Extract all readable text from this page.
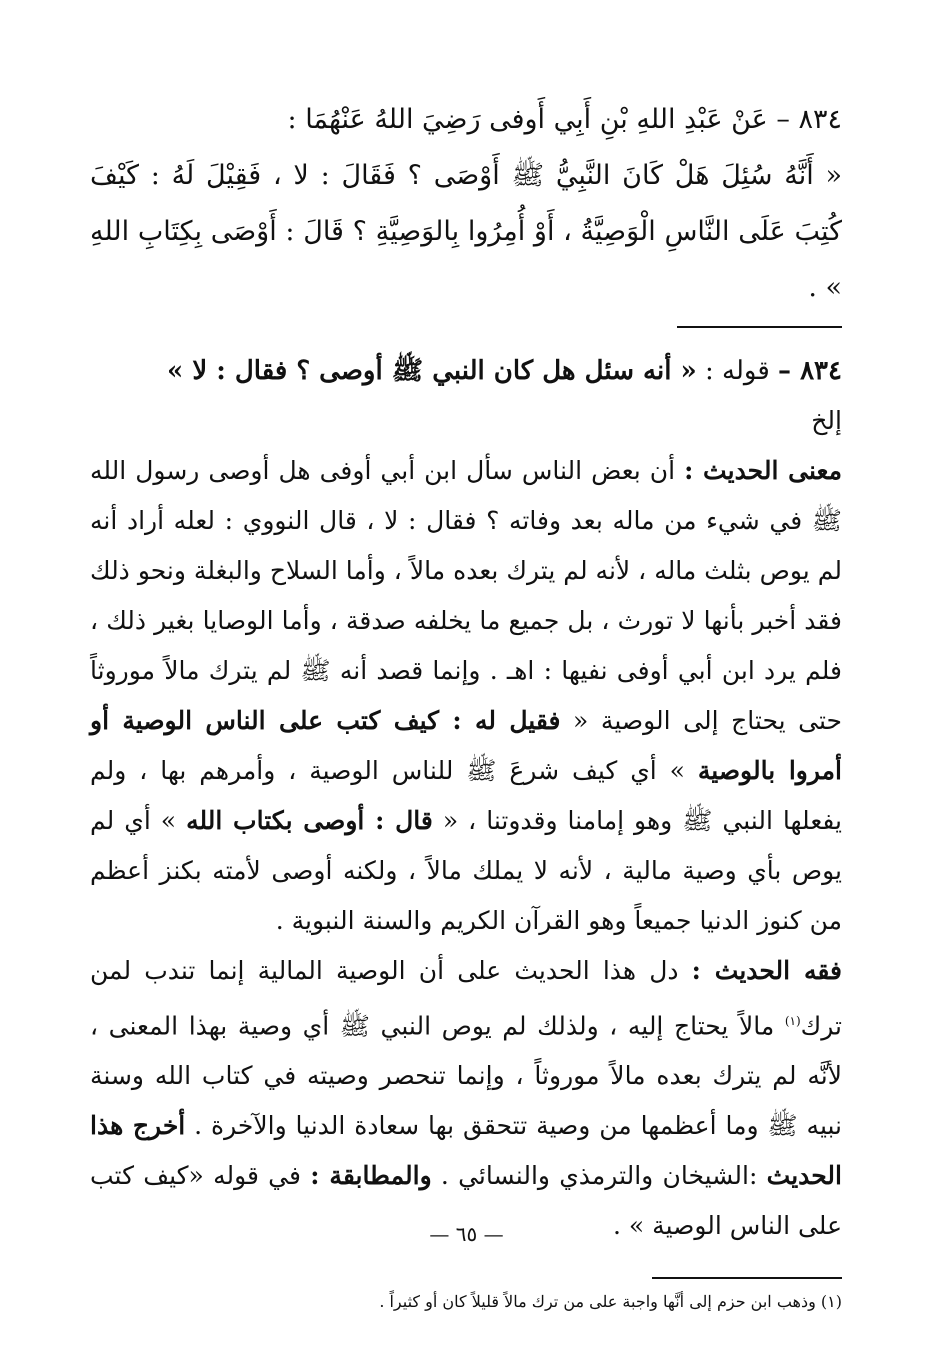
٨٣٤ – عَنْ عَبْدِ اللهِ بْنِ أَبِي أَوفى رَضِيَ اللهُ عَنْهُمَا :

« أَنَّهُ سُئِلَ هَلْ كَانَ النَّبِيُّ ﷺ أَوْصَى ؟ فَقَالَ : لا ، فَقِيْلَ لَهُ : كَيْفَ كُتِبَ عَلَى النَّاسِ الْوَصِيَّةُ ، أَوْ أُمِرُوا بِالوَصِيَّةِ ؟ قَالَ : أَوْصَى بِكِتَابِ اللهِ » .

٨٣٤ – قوله : « أنه سئل هل كان النبي ﷺ أوصى ؟ فقال : لا »

إلخ

معنى الحديث : أن بعض الناس سأل ابن أبي أوفى هل أوصى رسول الله ﷺ في شيء من ماله بعد وفاته ؟ فقال : لا ، قال النووي : لعله أراد أنه لم يوص بثلث ماله ، لأنه لم يترك بعده مالاً ، وأما السلاح والبغلة ونحو ذلك فقد أخبر بأنها لا تورث ، بل جميع ما يخلفه صدقة ، وأما الوصايا بغير ذلك ، فلم يرد ابن أبي أوفى نفيها : اهـ . وإنما قصد أنه ﷺ لم يترك مالاً موروثاً حتى يحتاج إلى الوصية « فقيل له : كيف كتب على الناس الوصية أو أمروا بالوصية » أي كيف شرعَ ﷺ للناس الوصية ، وأمرهم بها ، ولم يفعلها النبي ﷺ وهو إمامنا وقدوتنا ، « قال : أوصى بكتاب الله » أي لم يوص بأي وصية مالية ، لأنه لا يملك مالاً ، ولكنه أوصى لأمته بكنز أعظم من كنوز الدنيا جميعاً وهو القرآن الكريم والسنة النبوية .

فقه الحديث : دل هذا الحديث على أن الوصية المالية إنما تندب لمن ترك$^{(١)}$ مالاً يحتاج إليه ، ولذلك لم يوص النبي ﷺ أي وصية بهذا المعنى ، لأنَّه لم يترك بعده مالاً موروثاً ، وإنما تنحصر وصيته في كتاب الله وسنة نبيه ﷺ وما أعظمها من وصية تتحقق بها سعادة الدنيا والآخرة . أخرج هذا الحديث :الشيخان والترمذي والنسائي . والمطابقة : في قوله «كيف كتب على الناس الوصية » .

(١) وذهب ابن حزم إلى أنَّها واجبة على من ترك مالاً قليلاً كان أو كثيراً .

— ٦٥ —
